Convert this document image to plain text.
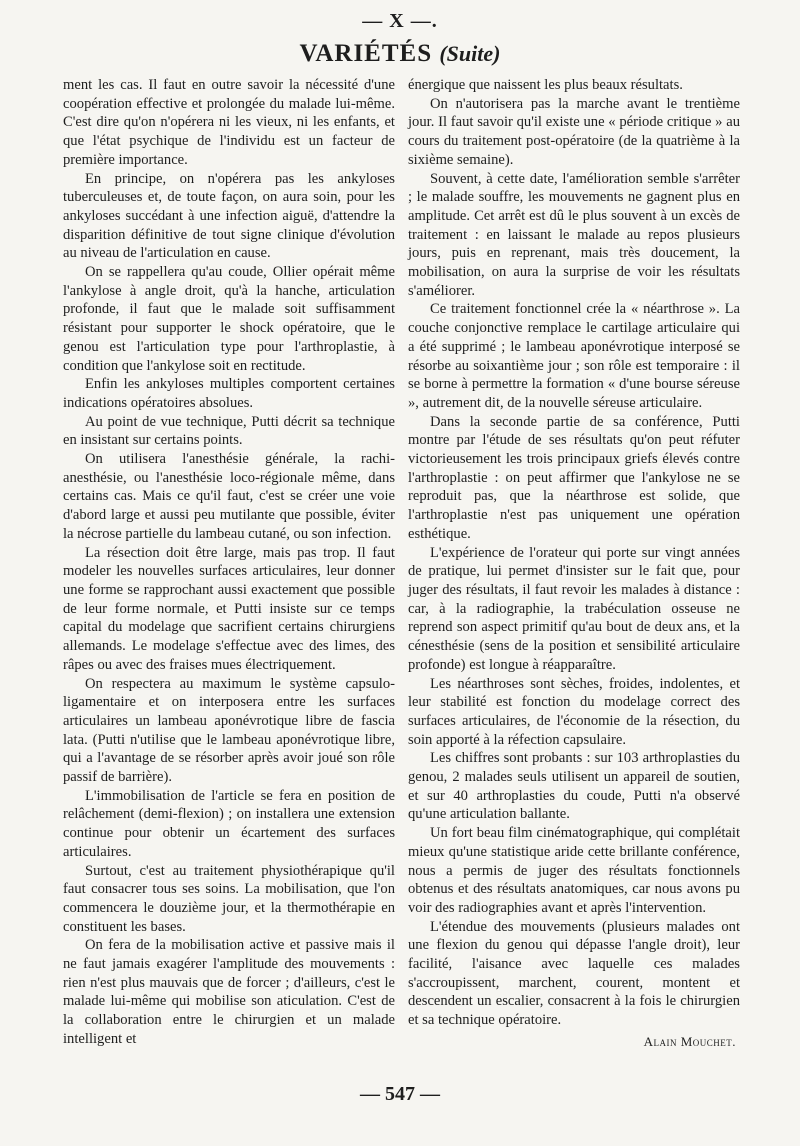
— X —.
VARIÉTÉS (Suite)

ment les cas. Il faut en outre savoir la nécessité d'une coopération effective et prolongée du malade lui-même. C'est dire qu'on n'opérera ni les vieux, ni les enfants, et que l'état psychique de l'individu est un facteur de première importance.

En principe, on n'opérera pas les ankyloses tuberculeuses et, de toute façon, on aura soin, pour les ankyloses succédant à une infection aiguë, d'attendre la disparition définitive de tout signe clinique d'évolution au niveau de l'articulation en cause.

On se rappellera qu'au coude, Ollier opérait même l'ankylose à angle droit, qu'à la hanche, articulation profonde, il faut que le malade soit suffisamment résistant pour supporter le shock opératoire, que le genou est l'articulation type pour l'arthroplastie, à condition que l'ankylose soit en rectitude.

Enfin les ankyloses multiples comportent certaines indications opératoires absolues.

Au point de vue technique, Putti décrit sa technique en insistant sur certains points.

On utilisera l'anesthésie générale, la rachi-anesthésie, ou l'anesthésie loco-régionale même, dans certains cas. Mais ce qu'il faut, c'est se créer une voie d'abord large et aussi peu mutilante que possible, éviter la nécrose partielle du lambeau cutané, ou son infection.

La résection doit être large, mais pas trop. Il faut modeler les nouvelles surfaces articulaires, leur donner une forme se rapprochant aussi exactement que possible de leur forme normale, et Putti insiste sur ce temps capital du modelage que sacrifient certains chirurgiens allemands. Le modelage s'effectue avec des limes, des râpes ou avec des fraises mues électriquement.

On respectera au maximum le système capsulo-ligamentaire et on interposera entre les surfaces articulaires un lambeau aponévrotique libre de fascia lata. (Putti n'utilise que le lambeau aponévrotique libre, qui a l'avantage de se résorber après avoir joué son rôle passif de barrière).

L'immobilisation de l'article se fera en position de relâchement (demi-flexion) ; on installera une extension continue pour obtenir un écartement des surfaces articulaires.

Surtout, c'est au traitement physiothérapique qu'il faut consacrer tous ses soins. La mobilisation, que l'on commencera le douzième jour, et la thermothérapie en constituent les bases.

On fera de la mobilisation active et passive mais il ne faut jamais exagérer l'amplitude des mouvements : rien n'est plus mauvais que de forcer ; d'ailleurs, c'est le malade lui-même qui mobilise son aticulation. C'est de la collaboration entre le chirurgien et un malade intelligent et

énergique que naissent les plus beaux résultats.

On n'autorisera pas la marche avant le trentième jour. Il faut savoir qu'il existe une « période critique » au cours du traitement post-opératoire (de la quatrième à la sixième semaine).

Souvent, à cette date, l'amélioration semble s'arrêter ; le malade souffre, les mouvements ne gagnent plus en amplitude. Cet arrêt est dû le plus souvent à un excès de traitement : en laissant le malade au repos plusieurs jours, puis en reprenant, mais très doucement, la mobilisation, on aura la surprise de voir les résultats s'améliorer.

Ce traitement fonctionnel crée la « néarthrose ». La couche conjonctive remplace le cartilage articulaire qui a été supprimé ; le lambeau aponévrotique interposé se résorbe au soixantième jour ; son rôle est temporaire : il se borne à permettre la formation « d'une bourse séreuse », autrement dit, de la nouvelle séreuse articulaire.

Dans la seconde partie de sa conférence, Putti montre par l'étude de ses résultats qu'on peut réfuter victorieusement les trois principaux griefs élevés contre l'arthroplastie : on peut affirmer que l'ankylose ne se reproduit pas, que la néarthrose est solide, que l'arthroplastie n'est pas uniquement une opération esthétique.

L'expérience de l'orateur qui porte sur vingt années de pratique, lui permet d'insister sur le fait que, pour juger des résultats, il faut revoir les malades à distance : car, à la radiographie, la trabéculation osseuse ne reprend son aspect primitif qu'au bout de deux ans, et la cénesthésie (sens de la position et sensibilité articulaire profonde) est longue à réapparaître.

Les néarthroses sont sèches, froides, indolentes, et leur stabilité est fonction du modelage correct des surfaces articulaires, de l'économie de la résection, du soin apporté à la réfection capsulaire.

Les chiffres sont probants : sur 103 arthroplasties du genou, 2 malades seuls utilisent un appareil de soutien, et sur 40 arthroplasties du coude, Putti n'a observé qu'une articulation ballante.

Un fort beau film cinématographique, qui complétait mieux qu'une statistique aride cette brillante conférence, nous a permis de juger des résultats fonctionnels obtenus et des résultats anatomiques, car nous avons pu voir des radiographies avant et après l'intervention.

L'étendue des mouvements (plusieurs malades ont une flexion du genou qui dépasse l'angle droit), leur facilité, l'aisance avec laquelle ces malades s'accroupissent, marchent, courent, montent et descendent un escalier, consacrent à la fois le chirurgien et sa technique opératoire.

Alain Mouchet.

— 547 —
